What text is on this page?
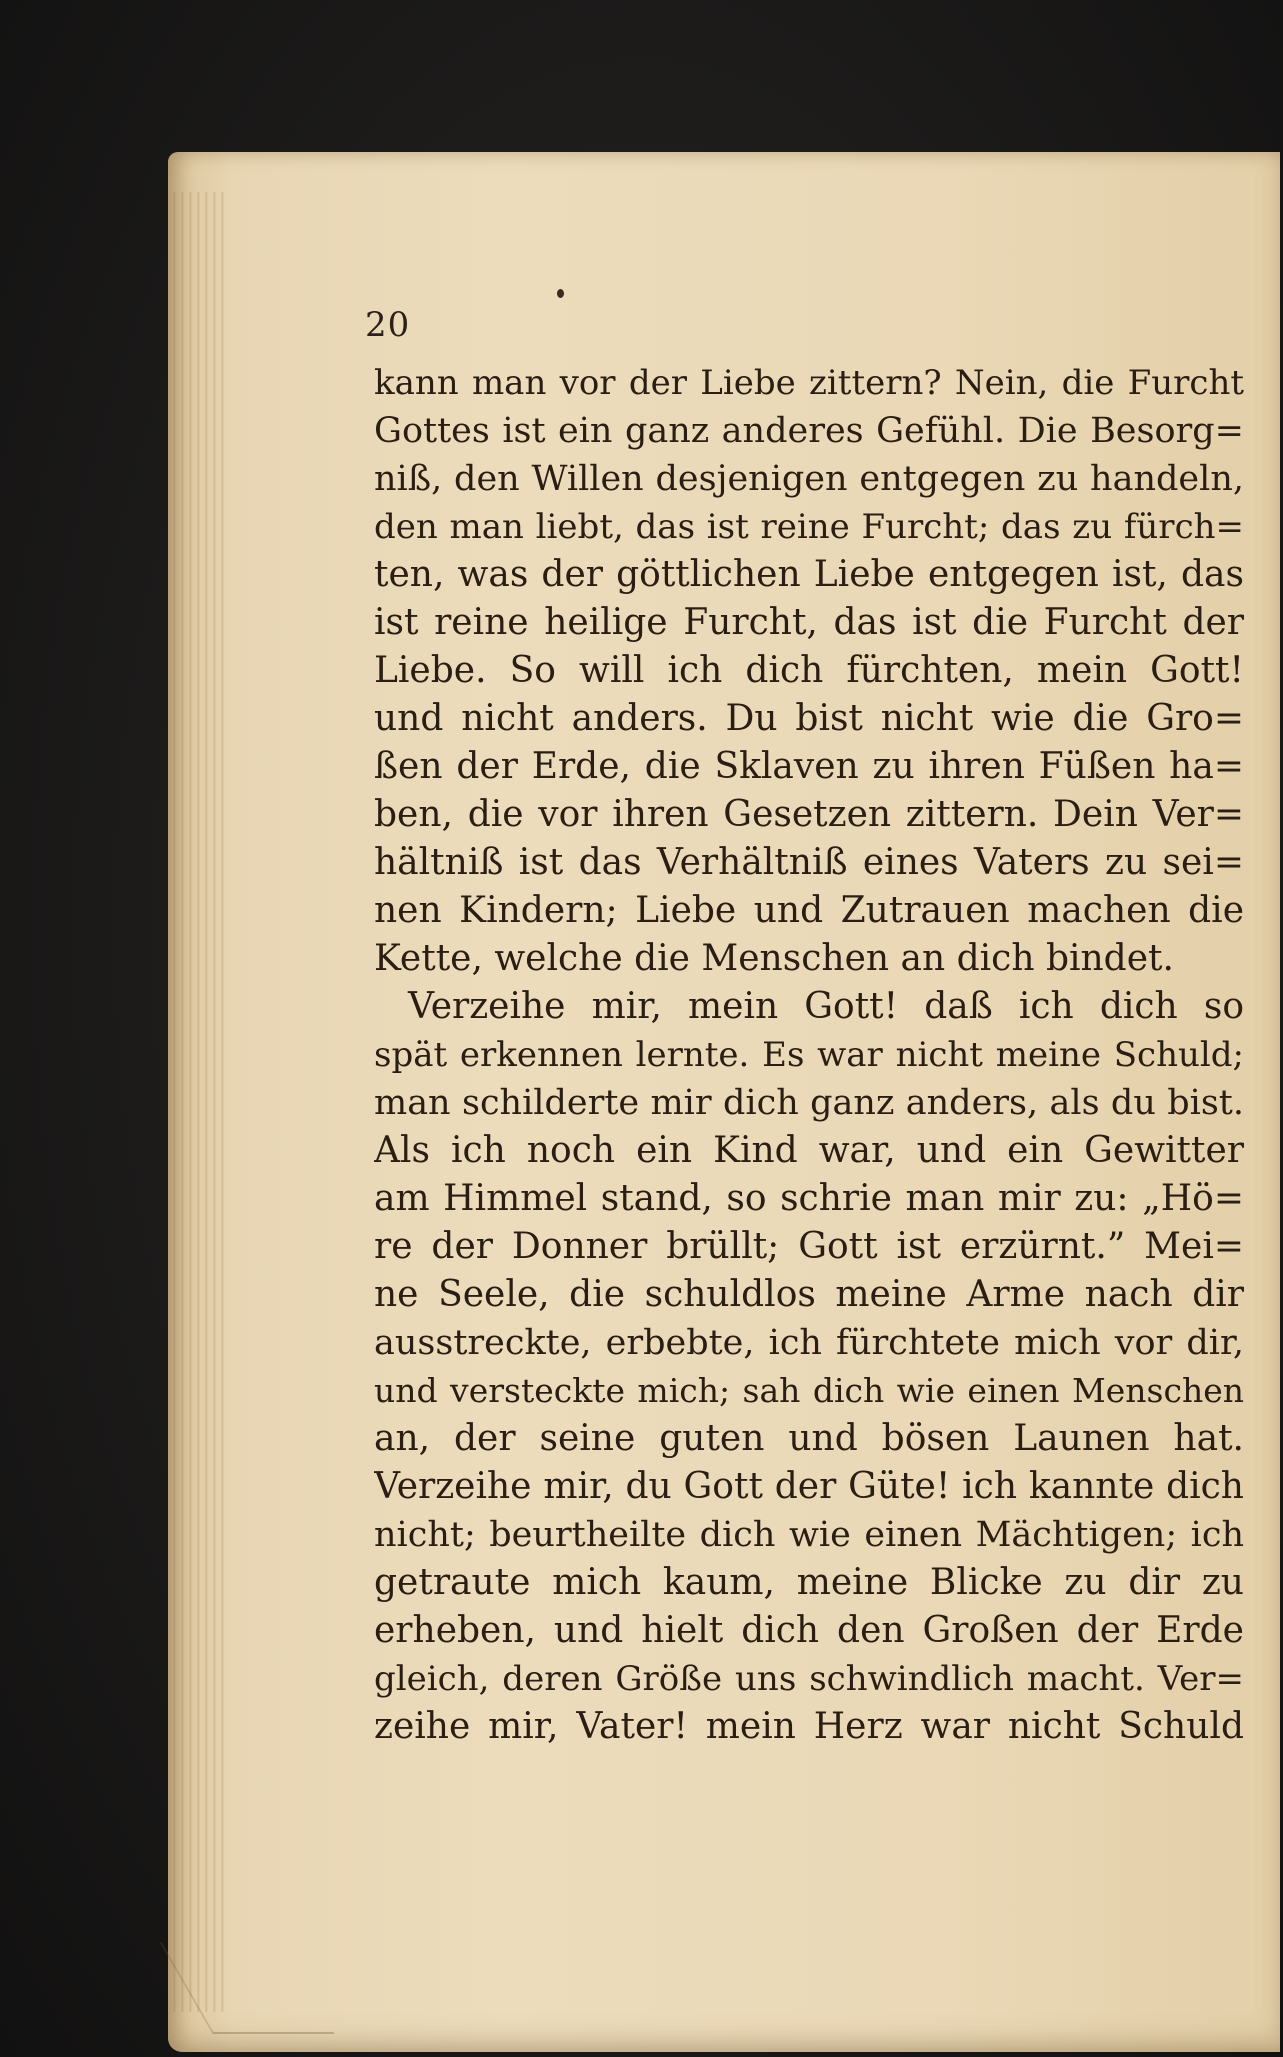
20
kann man vor der Liebe zittern? Nein, die Furcht
Gottes ist ein ganz anderes Gefühl. Die Besorg=
niß, den Willen desjenigen entgegen zu handeln,
den man liebt, das ist reine Furcht; das zu fürch=
ten, was der göttlichen Liebe entgegen ist, das
ist reine heilige Furcht, das ist die Furcht der
Liebe. So will ich dich fürchten, mein Gott!
und nicht anders. Du bist nicht wie die Gro=
ßen der Erde, die Sklaven zu ihren Füßen ha=
ben, die vor ihren Gesetzen zittern. Dein Ver=
hältniß ist das Verhältniß eines Vaters zu sei=
nen Kindern; Liebe und Zutrauen machen die
Kette, welche die Menschen an dich bindet.
Verzeihe mir, mein Gott! daß ich dich so
spät erkennen lernte. Es war nicht meine Schuld;
man schilderte mir dich ganz anders, als du bist.
Als ich noch ein Kind war, und ein Gewitter
am Himmel stand, so schrie man mir zu: „Hö=
re der Donner brüllt; Gott ist erzürnt.” Mei=
ne Seele, die schuldlos meine Arme nach dir
ausstreckte, erbebte, ich fürchtete mich vor dir,
und versteckte mich; sah dich wie einen Menschen
an, der seine guten und bösen Launen hat.
Verzeihe mir, du Gott der Güte! ich kannte dich
nicht; beurtheilte dich wie einen Mächtigen; ich
getraute mich kaum, meine Blicke zu dir zu
erheben, und hielt dich den Großen der Erde
gleich, deren Größe uns schwindlich macht. Ver=
zeihe mir, Vater! mein Herz war nicht Schuld
